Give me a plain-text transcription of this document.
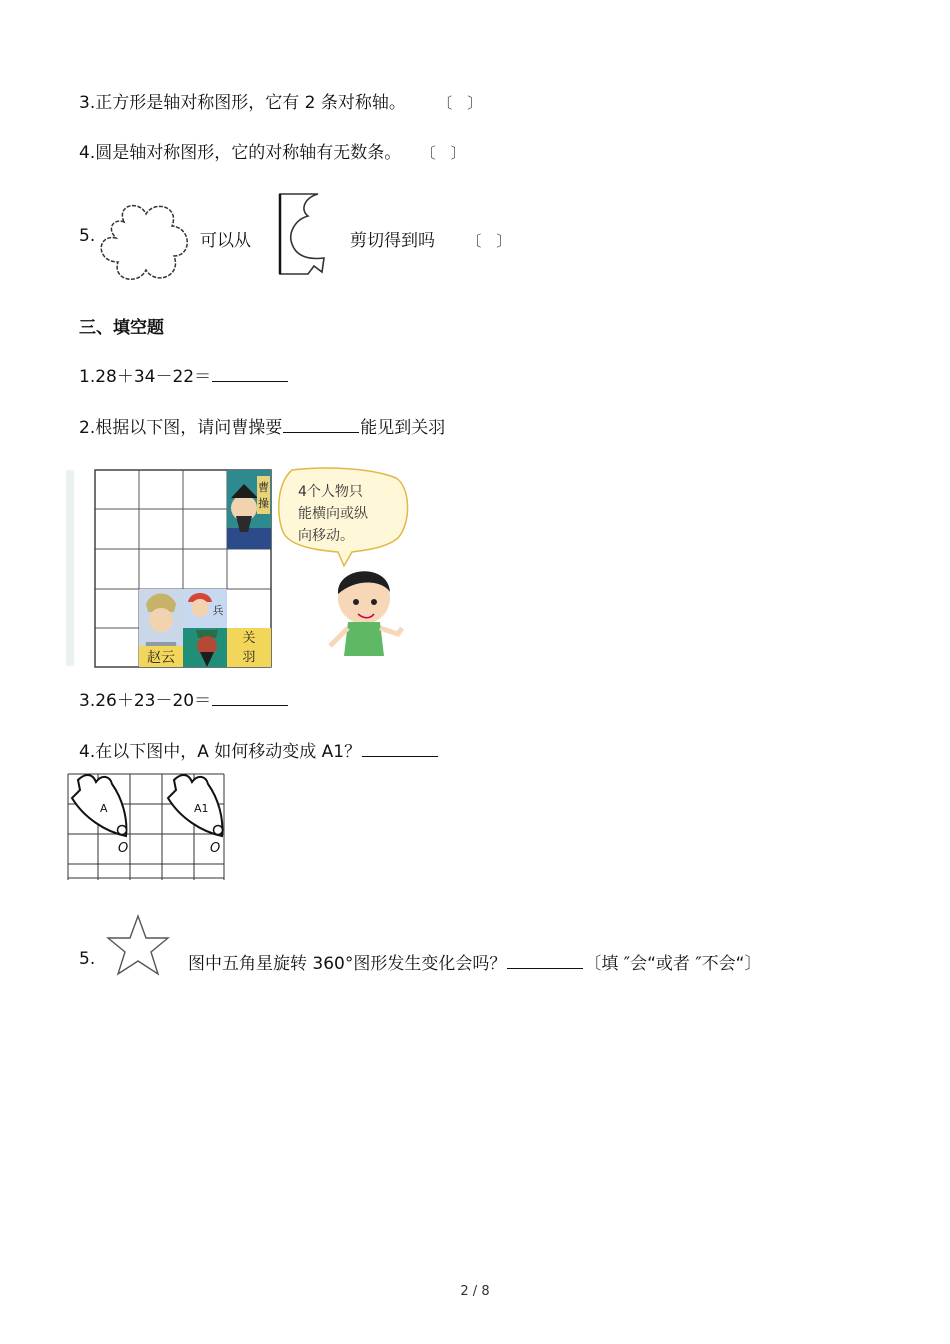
3.正方形是轴对称图形，它有 2 条对称轴。 〔　〕
4.圆是轴对称图形，它的对称轴有无数条。 〔　〕
5.	可以从	剪切得到吗 〔　〕
三、填空题
1.28＋34－22＝
2.根据以下图，请问曹操要	能见到关羽
曹
操
赵云
兵
关
羽
4个人物只
能横向或纵
向移动。
3.26＋23－20＝
4.在以下图中，A 如何移动变成 A1？
A
O
A1
O
5.	图中五角星旋转 360°图形发生变化会吗？	〔填 ″会“或者 ″不会“〕
2 / 8
